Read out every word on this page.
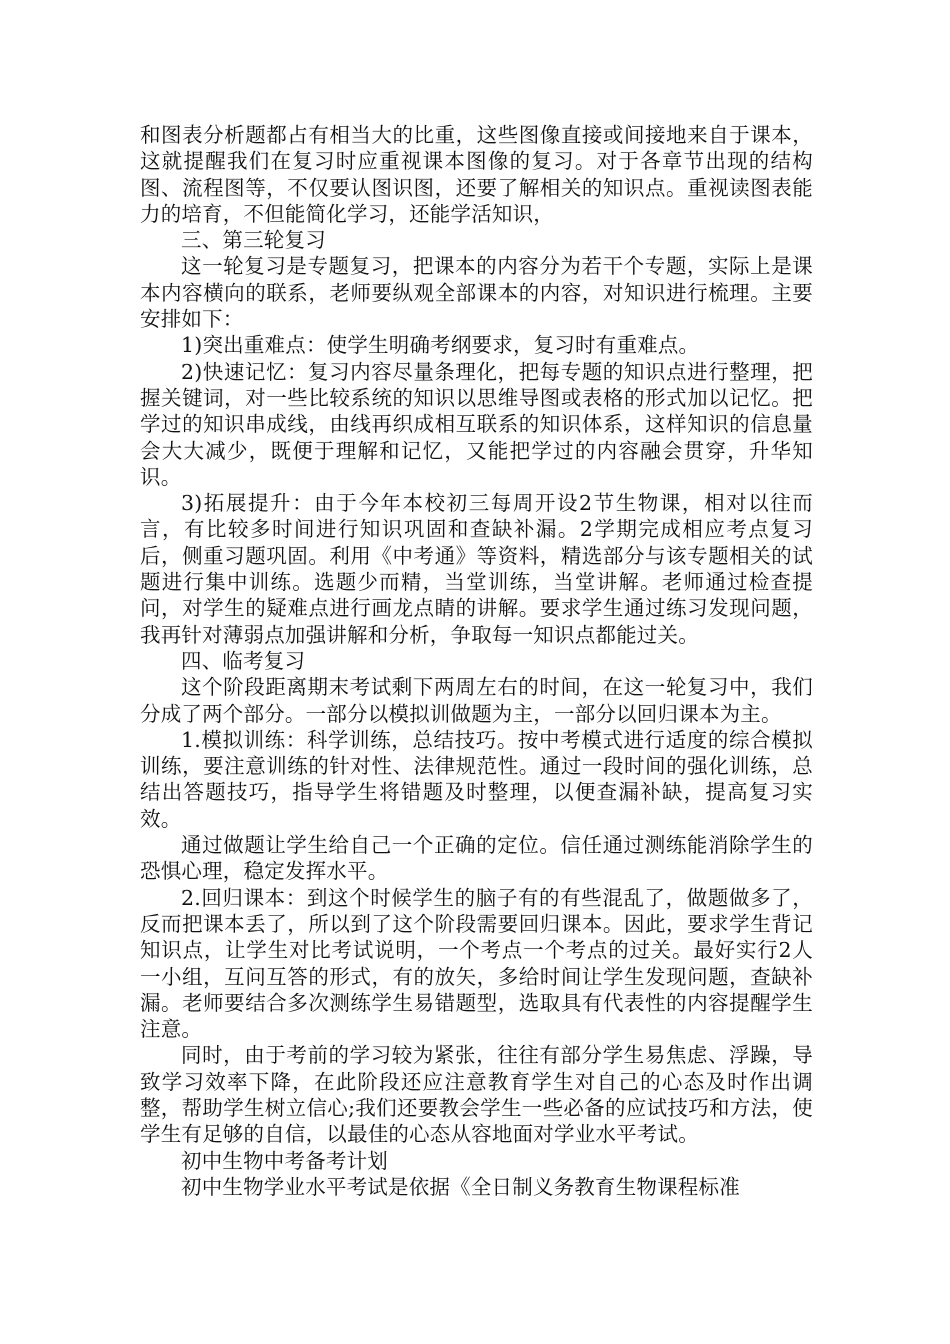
和图表分析题都占有相当大的比重，这些图像直接或间接地来自于课本，这就提醒我们在复习时应重视课本图像的复习。对于各章节出现的结构图、流程图等，不仅要认图识图，还要了解相关的知识点。重视读图表能力的培育，不但能简化学习，还能学活知识，

三、第三轮复习

这一轮复习是专题复习，把课本的内容分为若干个专题，实际上是课本内容横向的联系，老师要纵观全部课本的内容，对知识进行梳理。主要安排如下：

1)突出重难点：使学生明确考纲要求，复习时有重难点。

2)快速记忆：复习内容尽量条理化，把每专题的知识点进行整理，把握关键词，对一些比较系统的知识以思维导图或表格的形式加以记忆。把学过的知识串成线，由线再织成相互联系的知识体系，这样知识的信息量会大大减少，既便于理解和记忆，又能把学过的内容融会贯穿，升华知识。

3)拓展提升：由于今年本校初三每周开设2节生物课，相对以往而言，有比较多时间进行知识巩固和查缺补漏。2学期完成相应考点复习后，侧重习题巩固。利用《中考通》等资料，精选部分与该专题相关的试题进行集中训练。选题少而精，当堂训练，当堂讲解。老师通过检查提问，对学生的疑难点进行画龙点睛的讲解。要求学生通过练习发现问题，我再针对薄弱点加强讲解和分析，争取每一知识点都能过关。

四、临考复习

这个阶段距离期末考试剩下两周左右的时间，在这一轮复习中，我们分成了两个部分。一部分以模拟训做题为主，一部分以回归课本为主。

1.模拟训练：科学训练，总结技巧。按中考模式进行适度的综合模拟训练，要注意训练的针对性、法律规范性。通过一段时间的强化训练，总结出答题技巧，指导学生将错题及时整理，以便查漏补缺，提高复习实效。

通过做题让学生给自己一个正确的定位。信任通过测练能消除学生的恐惧心理，稳定发挥水平。

2.回归课本：到这个时候学生的脑子有的有些混乱了，做题做多了，反而把课本丢了，所以到了这个阶段需要回归课本。因此，要求学生背记知识点，让学生对比考试说明，一个考点一个考点的过关。最好实行2人一小组，互问互答的形式，有的放矢，多给时间让学生发现问题，查缺补漏。老师要结合多次测练学生易错题型，选取具有代表性的内容提醒学生注意。

同时，由于考前的学习较为紧张，往往有部分学生易焦虑、浮躁，导致学习效率下降，在此阶段还应注意教育学生对自己的心态及时作出调整，帮助学生树立信心;我们还要教会学生一些必备的应试技巧和方法，使学生有足够的自信，以最佳的心态从容地面对学业水平考试。

初中生物中考备考计划

初中生物学业水平考试是依据《全日制义务教育生物课程标准
